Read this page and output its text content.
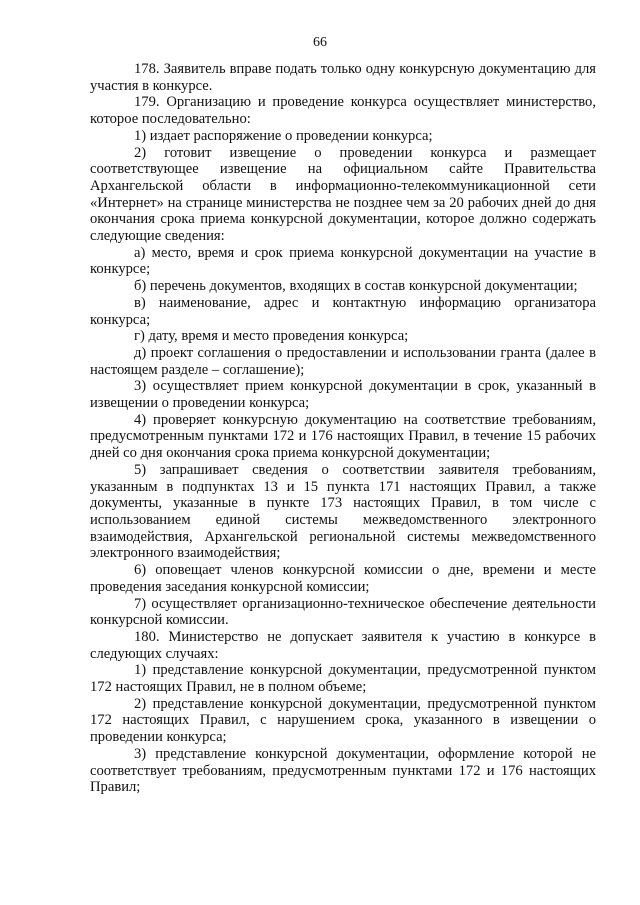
66

178. Заявитель вправе подать только одну конкурсную документацию для участия в конкурсе.

179. Организацию и проведение конкурса осуществляет министерство, которое последовательно:

1) издает распоряжение о проведении конкурса;

2) готовит извещение о проведении конкурса и размещает соответствующее извещение на официальном сайте Правительства Архангельской области в информационно-телекоммуникационной сети «Интернет» на странице министерства не позднее чем за 20 рабочих дней до дня окончания срока приема конкурсной документации, которое должно содержать следующие сведения:

а) место, время и срок приема конкурсной документации на участие в конкурсе;

б) перечень документов, входящих в состав конкурсной документации;

в) наименование, адрес и контактную информацию организатора конкурса;

г) дату, время и место проведения конкурса;

д) проект соглашения о предоставлении и использовании гранта (далее в настоящем разделе – соглашение);

3) осуществляет прием конкурсной документации в срок, указанный в извещении о проведении конкурса;

4) проверяет конкурсную документацию на соответствие требованиям, предусмотренным пунктами 172 и 176 настоящих Правил, в течение 15 рабочих дней со дня окончания срока приема конкурсной документации;

5) запрашивает сведения о соответствии заявителя требованиям, указанным в подпунктах 13 и 15 пункта 171 настоящих Правил, а также документы, указанные в пункте 173 настоящих Правил, в том числе с использованием единой системы межведомственного электронного взаимодействия, Архангельской региональной системы межведомственного электронного взаимодействия;

6) оповещает членов конкурсной комиссии о дне, времени и месте проведения заседания конкурсной комиссии;

7) осуществляет организационно-техническое обеспечение деятельности конкурсной комиссии.

180. Министерство не допускает заявителя к участию в конкурсе в следующих случаях:

1) представление конкурсной документации, предусмотренной пунктом 172 настоящих Правил, не в полном объеме;

2) представление конкурсной документации, предусмотренной пунктом 172 настоящих Правил, с нарушением срока, указанного в извещении о проведении конкурса;

3) представление конкурсной документации, оформление которой не соответствует требованиям, предусмотренным пунктами 172 и 176 настоящих Правил;
